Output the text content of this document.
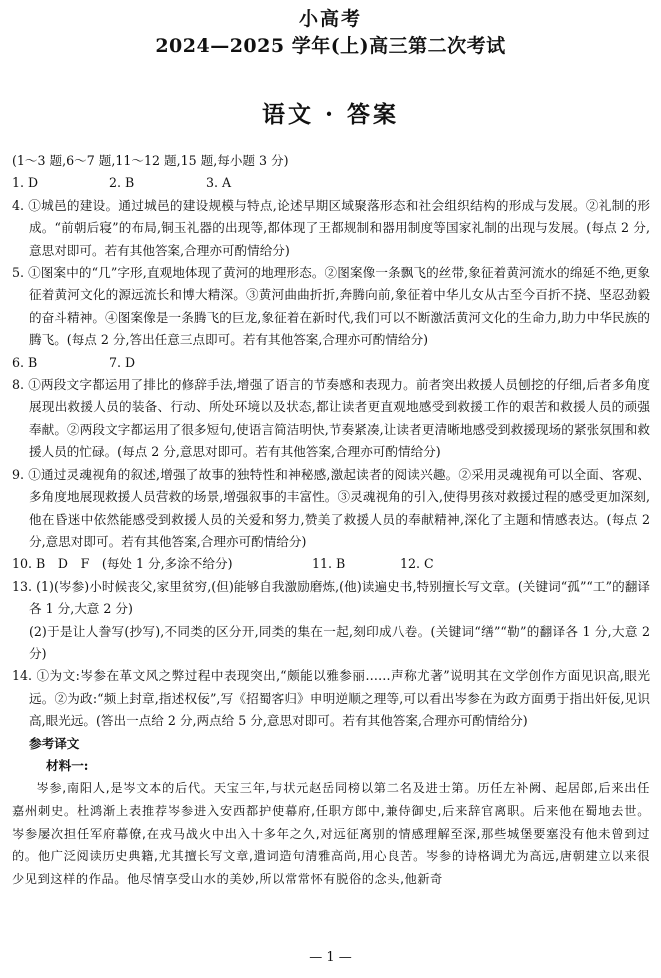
小高考
2024—2025 学年(上)高三第二次考试
语文 · 答案

(1～3 题,6～7 题,11～12 题,15 题,每小题 3 分)

1. D	2. B	3. A

4. ①城邑的建设。通过城邑的建设规模与特点,论述早期区域聚落形态和社会组织结构的形成与发展。②礼制的形成。“前朝后寝”的布局,铜玉礼器的出现等,都体现了王都规制和器用制度等国家礼制的出现与发展。(每点 2 分,意思对即可。若有其他答案,合理亦可酌情给分)

5. ①图案中的“几”字形,直观地体现了黄河的地理形态。②图案像一条飘飞的丝带,象征着黄河流水的绵延不绝,更象征着黄河文化的源远流长和博大精深。③黄河曲曲折折,奔腾向前,象征着中华儿女从古至今百折不挠、坚忍劲毅的奋斗精神。④图案像是一条腾飞的巨龙,象征着在新时代,我们可以不断激活黄河文化的生命力,助力中华民族的腾飞。(每点 2 分,答出任意三点即可。若有其他答案,合理亦可酌情给分)

6. B	7. D

8. ①两段文字都运用了排比的修辞手法,增强了语言的节奏感和表现力。前者突出救援人员刨挖的仔细,后者多角度展现出救援人员的装备、行动、所处环境以及状态,都让读者更直观地感受到救援工作的艰苦和救援人员的顽强奉献。②两段文字都运用了很多短句,使语言简洁明快,节奏紧凑,让读者更清晰地感受到救援现场的紧张氛围和救援人员的忙碌。(每点 2 分,意思对即可。若有其他答案,合理亦可酌情给分)

9. ①通过灵魂视角的叙述,增强了故事的独特性和神秘感,激起读者的阅读兴趣。②采用灵魂视角可以全面、客观、多角度地展现救援人员营救的场景,增强叙事的丰富性。③灵魂视角的引入,使得男孩对救援过程的感受更加深刻,他在昏迷中依然能感受到救援人员的关爱和努力,赞美了救援人员的奉献精神,深化了主题和情感表达。(每点 2 分,意思对即可。若有其他答案,合理亦可酌情给分)

10. B　D　F　(每处 1 分,多涂不给分)	11. B	12. C

13. (1)(岑参)小时候丧父,家里贫穷,(但)能够自我激励磨炼,(他)读遍史书,特别擅长写文章。(关键词“孤”“工”的翻译各 1 分,大意 2 分)

(2)于是让人誊写(抄写),不同类的区分开,同类的集在一起,刻印成八卷。(关键词“缮”“勒”的翻译各 1 分,大意 2 分)

14. ①为文:岑参在革文风之弊过程中表现突出,“颇能以雅参丽……声称尤著”说明其在文学创作方面见识高,眼光远。②为政:“频上封章,指述权佞”,写《招蜀客归》申明逆顺之理等,可以看出岑参在为政方面勇于指出奸佞,见识高,眼光远。(答出一点给 2 分,两点给 5 分,意思对即可。若有其他答案,合理亦可酌情给分)

参考译文

材料一:

岑参,南阳人,是岑文本的后代。天宝三年,与状元赵岳同榜以第二名及进士第。历任左补阙、起居郎,后来出任嘉州刺史。杜鸿渐上表推荐岑参进入安西都护使幕府,任职方郎中,兼侍御史,后来辞官离职。后来他在蜀地去世。岑参屡次担任军府幕僚,在戎马战火中出入十多年之久,对远征离别的情感理解至深,那些城堡要塞没有他未曾到过的。他广泛阅读历史典籍,尤其擅长写文章,遣词造句清雅高尚,用心良苦。岑参的诗格调尤为高远,唐朝建立以来很少见到这样的作品。他尽情享受山水的美妙,所以常常怀有脱俗的念头,他新奇

— 1 —
